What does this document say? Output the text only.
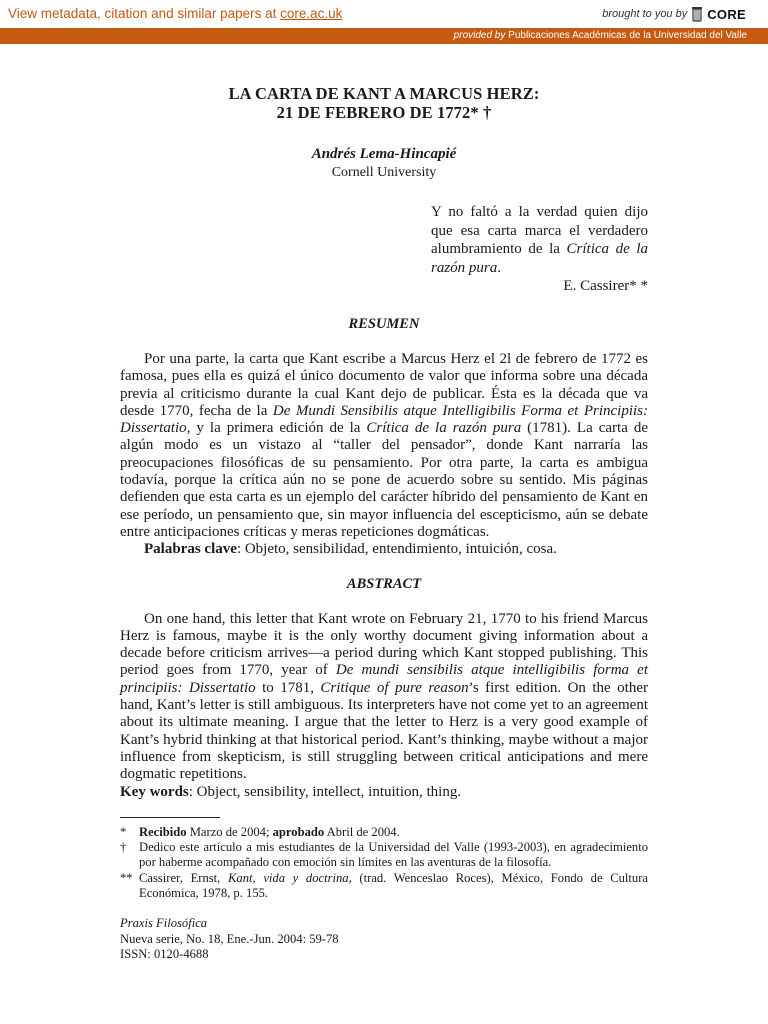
View metadata, citation and similar papers at core.ac.uk	brought to you by CORE
provided by Publicaciones Académicas de la Universidad del Valle
LA CARTA DE KANT A MARCUS HERZ:
21 DE FEBRERO DE 1772* †
Andrés Lema-Hincapié
Cornell University
Y no faltó a la verdad quien dijo que esa carta marca el verdadero alumbramiento de la Crítica de la razón pura.
E. Cassirer* *
RESUMEN

Por una parte, la carta que Kant escribe a Marcus Herz el 2l de febrero de 1772 es famosa, pues ella es quizá el único documento de valor que informa sobre una década previa al criticismo durante la cual Kant dejo de publicar. Ésta es la década que va desde 1770, fecha de la De Mundi Sensibilis atque Intelligibilis Forma et Principiis: Dissertatio, y la primera edición de la Crítica de la razón pura (1781). La carta de algún modo es un vistazo al “taller del pensador”, donde Kant narraría las preocupaciones filosóficas de su pensamiento. Por otra parte, la carta es ambigua todavía, porque la crítica aún no se pone de acuerdo sobre su sentido. Mis páginas defienden que esta carta es un ejemplo del carácter híbrido del pensamiento de Kant en ese período, un pensamiento que, sin mayor influencia del escepticismo, aún se debate entre anticipaciones críticas y meras repeticiones dogmáticas.

Palabras clave: Objeto, sensibilidad, entendimiento, intuición, cosa.

ABSTRACT

On one hand, this letter that Kant wrote on February 21, 1770 to his friend Marcus Herz is famous, maybe it is the only worthy document giving information about a decade before criticism arrives—a period during which Kant stopped publishing. This period goes from 1770, year of De mundi sensibilis atque intelligibilis forma et principiis: Dissertatio to 1781, Critique of pure reason’s first edition. On the other hand, Kant’s letter is still ambiguous. Its interpreters have not come yet to an agreement about its ultimate meaning. I argue that the letter to Herz is a very good example of Kant’s hybrid thinking at that historical period. Kant’s thinking, maybe without a major influence from skepticism, is still struggling between critical anticipations and mere dogmatic repetitions.

Key words: Object, sensibility, intellect, intuition, thing.

*	Recibido Marzo de 2004; aprobado Abril de 2004.
†	Dedico este artículo a mis estudiantes de la Universidad del Valle (1993-2003), en agradecimiento por haberme acompañado con emoción sin límites en las aventuras de la filosofía.
** Cassirer, Ernst, Kant, vida y doctrina, (trad. Wenceslao Roces), México, Fondo de Cultura Económica, 1978, p. 155.
Praxis Filosófica
Nueva serie, No. 18, Ene.-Jun. 2004: 59-78
ISSN: 0120-4688
